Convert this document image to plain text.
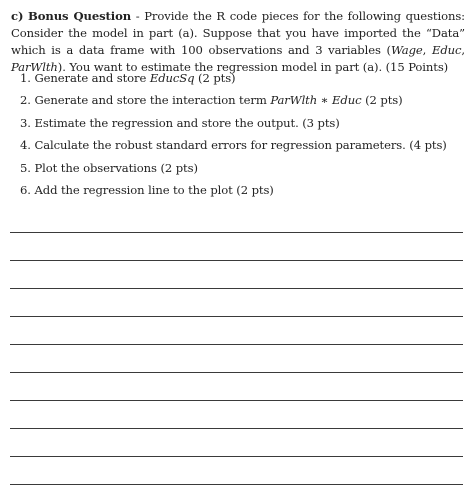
c) Bonus Question - Provide the R code pieces for the following questions: Consider the model in part (a). Suppose that you have imported the “Data” which is a data frame with 100 observations and 3 variables (Wage, Educ, ParWlth). You want to estimate the regression model in part (a). (15 Points)

1. Generate and store EducSq (2 pts)
2. Generate and store the interaction term ParWlth ∗ Educ (2 pts)
3. Estimate the regression and store the output. (3 pts)
4. Calculate the robust standard errors for regression parameters. (4 pts)
5. Plot the observations (2 pts)
6. Add the regression line to the plot (2 pts)
